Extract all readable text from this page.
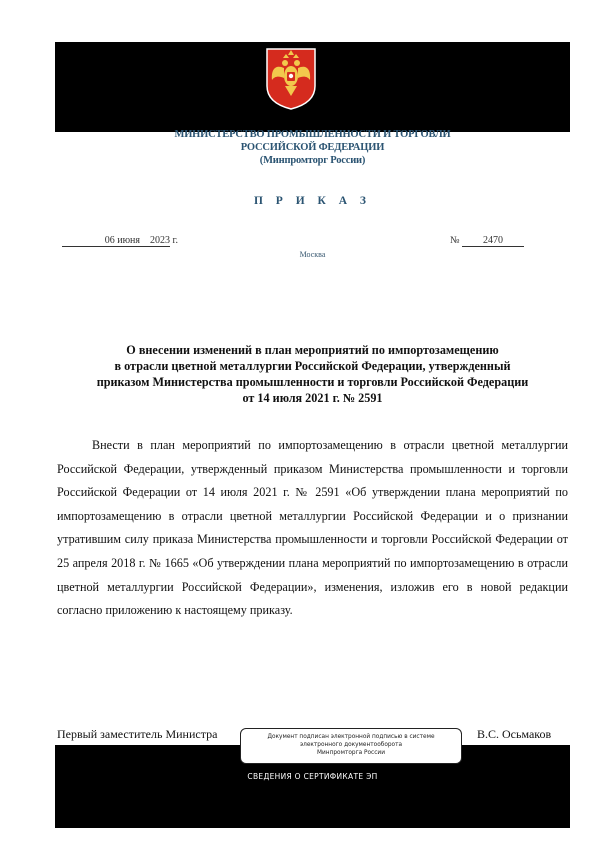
МИНИСТЕРСТВО ПРОМЫШЛЕННОСТИ И ТОРГОВЛИ
РОССИЙСКОЙ ФЕДЕРАЦИИ
(Минпромторг России)
П Р И К А З
06 июня 2023 г.	№ 2470
Москва
О внесении изменений в план мероприятий по импортозамещению
в отрасли цветной металлургии Российской Федерации, утвержденный
приказом Министерства промышленности и торговли Российской Федерации
от 14 июля 2021 г. № 2591
Внести в план мероприятий по импортозамещению в отрасли цветной металлургии Российской Федерации, утвержденный приказом Министерства промышленности и торговли Российской Федерации от 14 июля 2021 г. № 2591 «Об утверждении плана мероприятий по импортозамещению в отрасли цветной металлургии Российской Федерации и о признании утратившим силу приказа Министерства промышленности и торговли Российской Федерации от 25 апреля 2018 г. № 1665 «Об утверждении плана мероприятий по импортозамещению в отрасли цветной металлургии Российской Федерации», изменения, изложив его в новой редакции согласно приложению к настоящему приказу.
Первый заместитель Министра	В.С. Осьмаков
Документ подписан электронной подписью в системе
электронного документооборота
Минпромторга России
СВЕДЕНИЯ О СЕРТИФИКАТЕ ЭП
